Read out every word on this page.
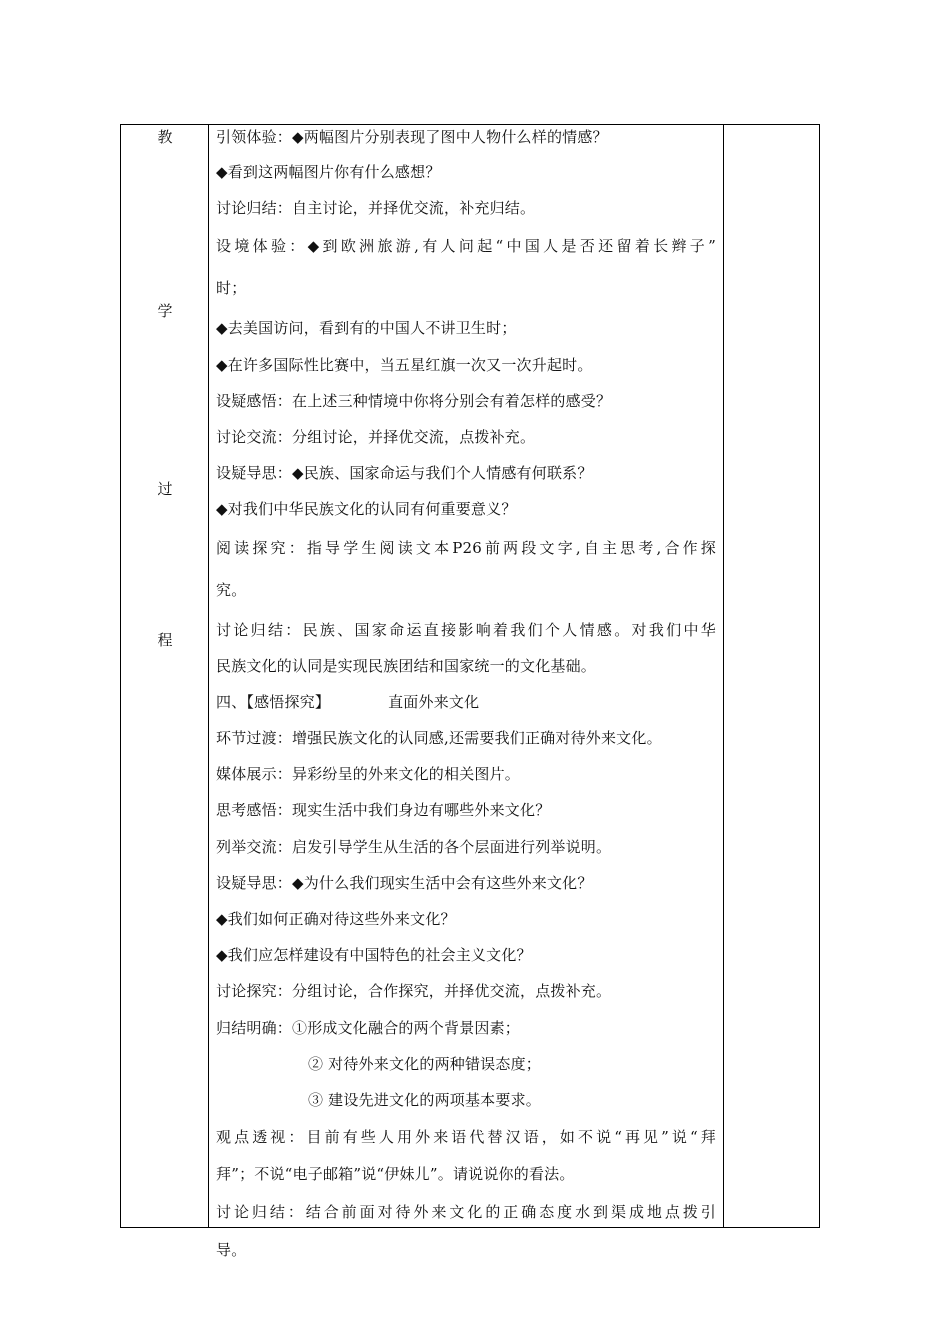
教
学
过
程
引领体验：◆两幅图片分别表现了图中人物什么样的情感？
◆看到这两幅图片你有什么感想？
讨论归结：自主讨论，并择优交流，补充归结。
设境体验：◆到欧洲旅游,有人问起“中国人是否还留着长辫子”
时；
◆去美国访问，看到有的中国人不讲卫生时；
◆在许多国际性比赛中，当五星红旗一次又一次升起时。
设疑感悟：在上述三种情境中你将分别会有着怎样的感受？
讨论交流：分组讨论，并择优交流，点拨补充。
设疑导思：◆民族、国家命运与我们个人情感有何联系？
◆对我们中华民族文化的认同有何重要意义？
阅读探究：指导学生阅读文本P26前两段文字,自主思考,合作探
究。
讨论归结：民族、国家命运直接影响着我们个人情感。对我们中华
民族文化的认同是实现民族团结和国家统一的文化基础。
四、【感悟探究】	直面外来文化
环节过渡：增强民族文化的认同感,还需要我们正确对待外来文化。
媒体展示：异彩纷呈的外来文化的相关图片。
思考感悟：现实生活中我们身边有哪些外来文化？
列举交流：启发引导学生从生活的各个层面进行列举说明。
设疑导思：◆为什么我们现实生活中会有这些外来文化？
◆我们如何正确对待这些外来文化？
◆我们应怎样建设有中国特色的社会主义文化？
讨论探究：分组讨论，合作探究，并择优交流，点拨补充。
归结明确：①形成文化融合的两个背景因素；
② 对待外来文化的两种错误态度；
③ 建设先进文化的两项基本要求。
观点透视：目前有些人用外来语代替汉语，如不说“再见”说“拜
拜”；不说“电子邮箱”说“伊妹儿”。请说说你的看法。
讨论归结：结合前面对待外来文化的正确态度水到渠成地点拨引
导。
